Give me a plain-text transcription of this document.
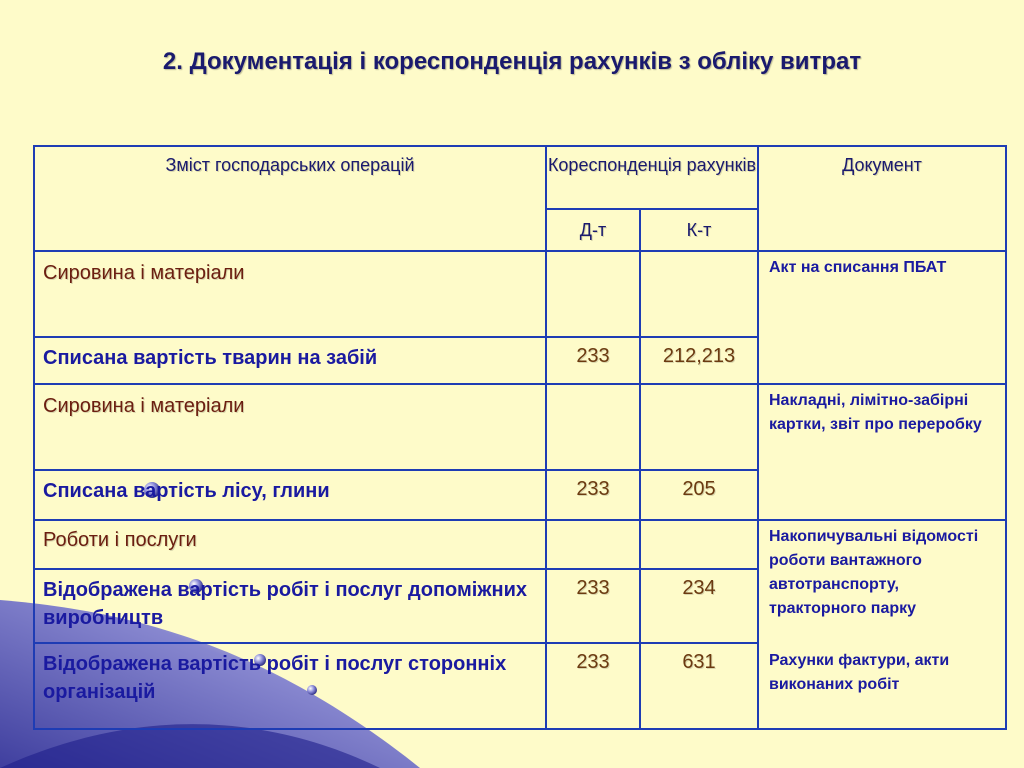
2. Документація і кореспонденція рахунків з обліку витрат
Зміст господарських операцій	Кореспонденція рахунків		Документ

	Д-т	К-т	

Сировина і матеріали			Акт на списання ПБАТ

Списана вартість тварин на забій	233	212,213	

Сировина і матеріали			Накладні, лімітно-забірні картки, звіт про переробку

Списана вартість лісу, глини	233	205	

Роботи і послуги			Накопичувальні відомості роботи вантажного автотранспорту, тракторного парку
Рахунки фактури, акти виконаних робіт

Відображена вартість робіт і послуг допоміжних виробництв	233	234	

Відображена вартість робіт і послуг сторонніх організацій	233	631	
